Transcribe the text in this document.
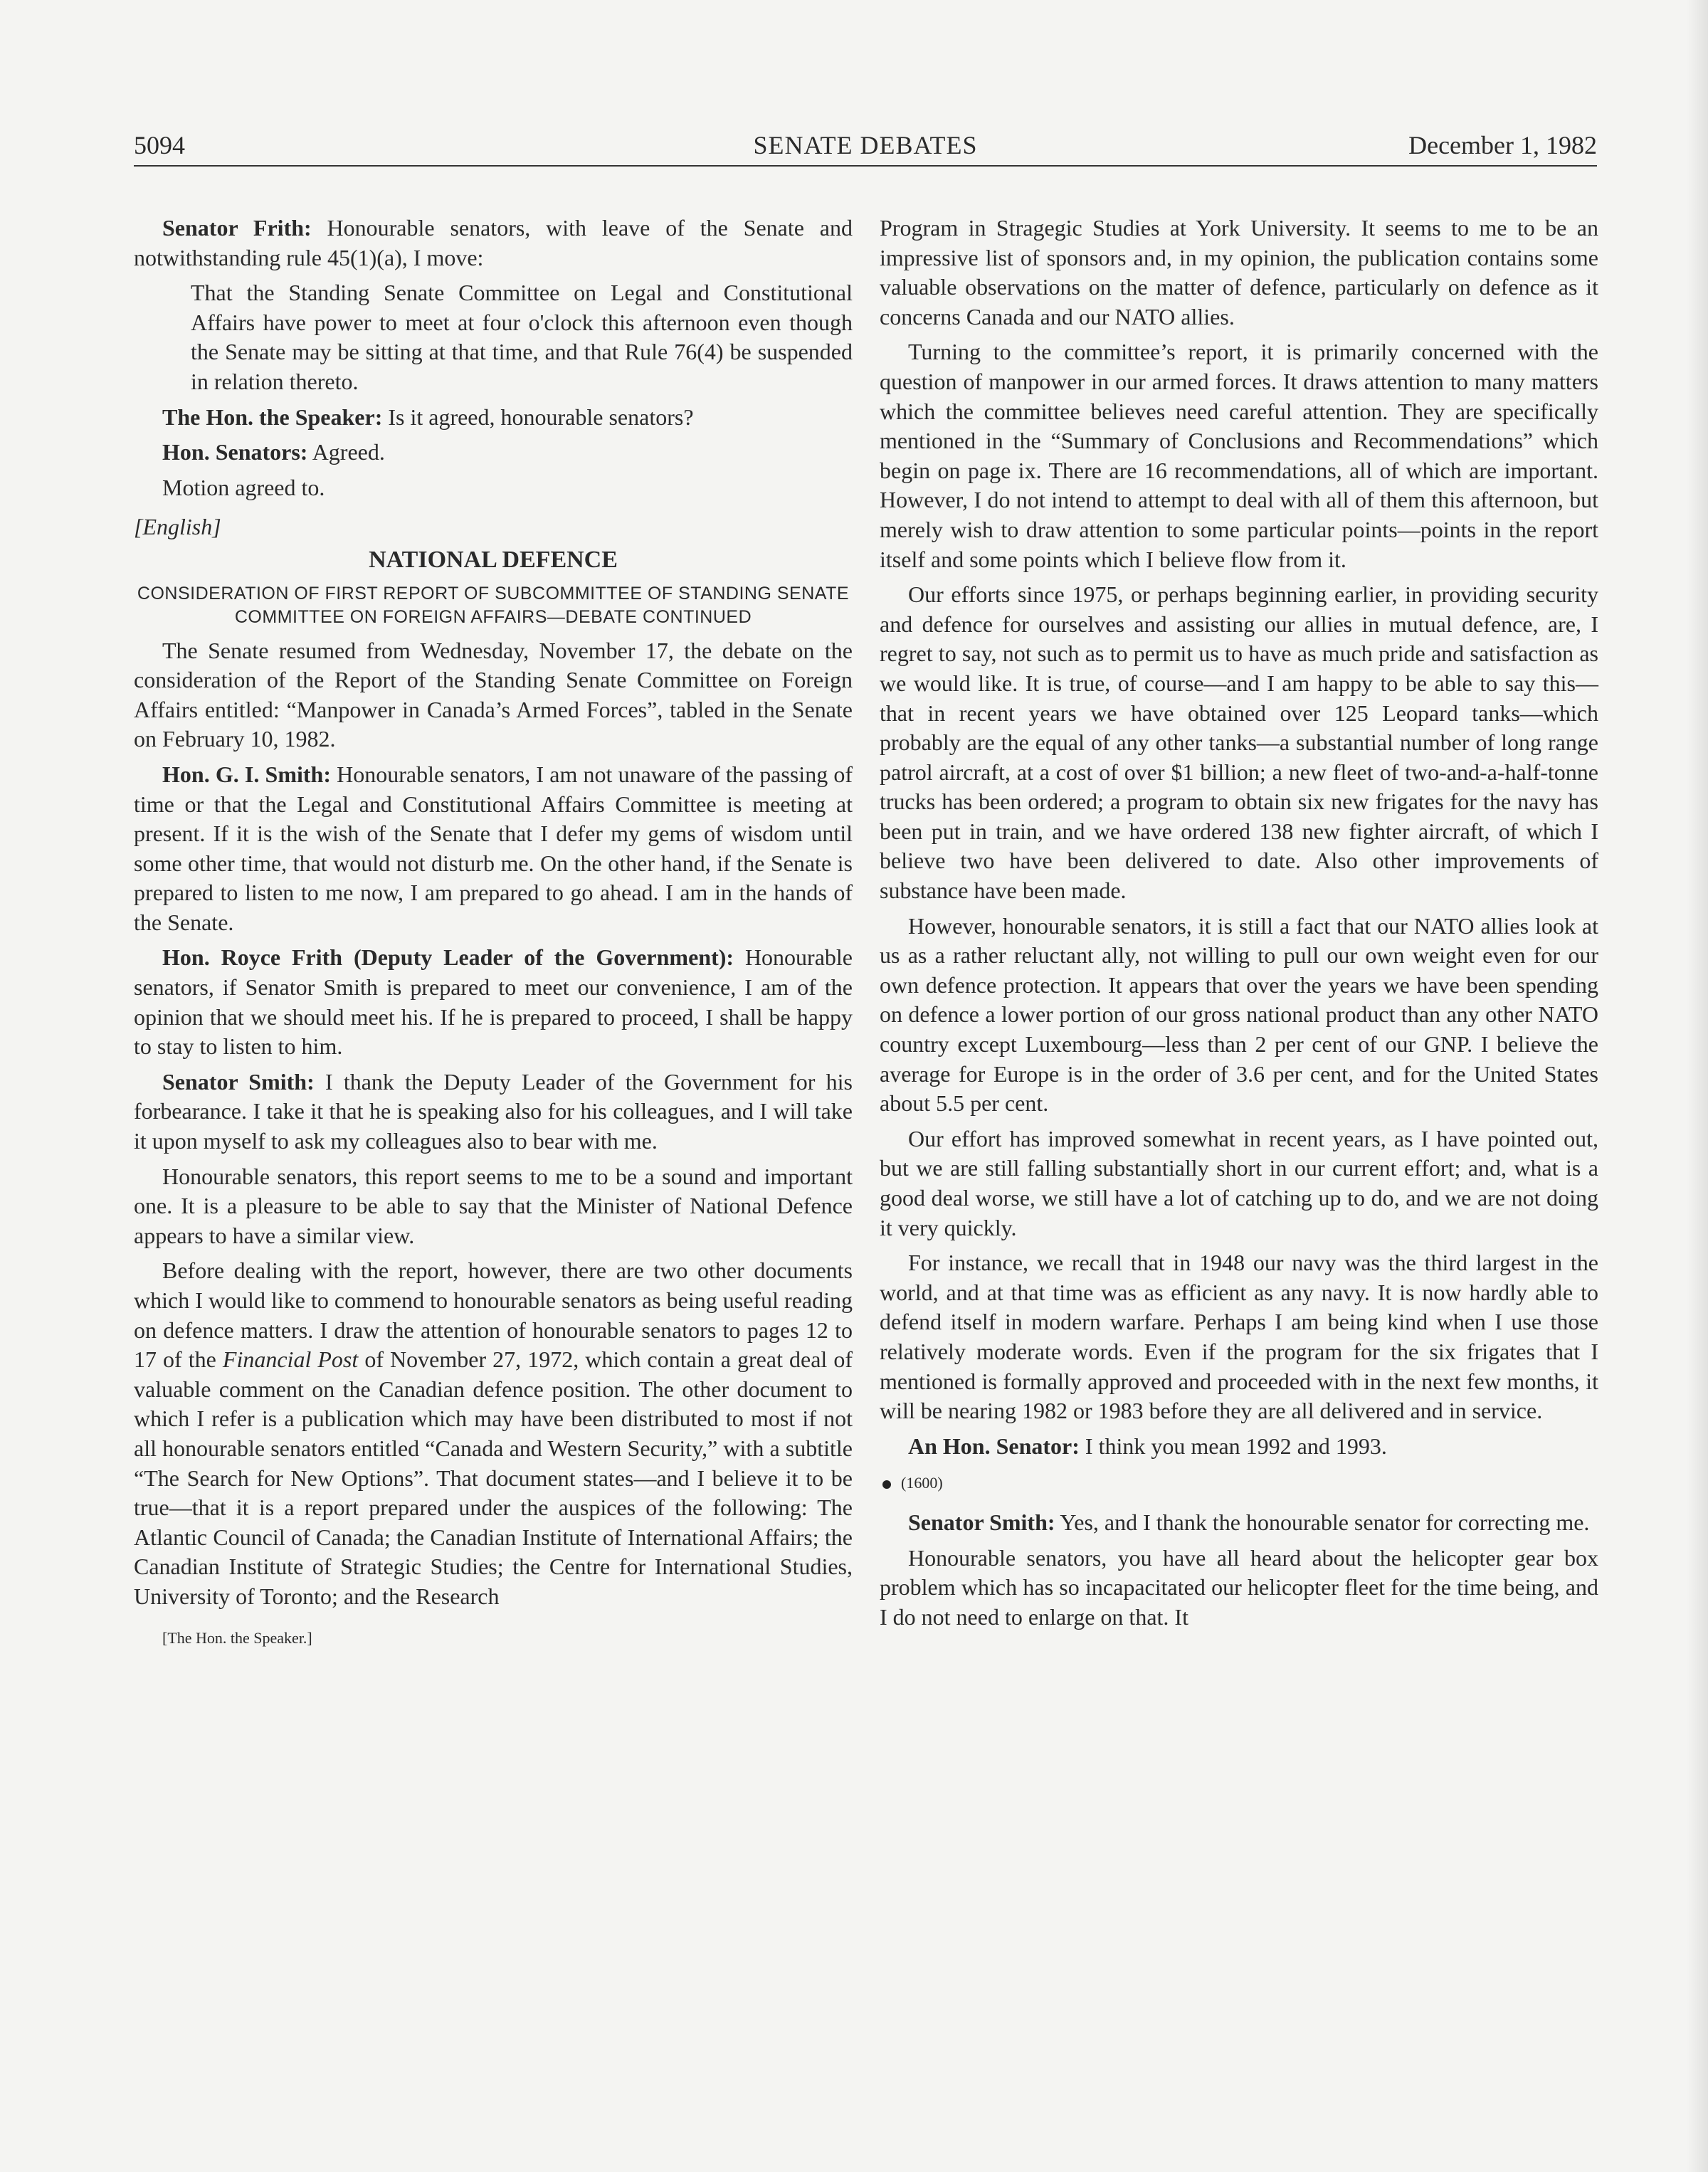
5094	SENATE DEBATES	December 1, 1982

Senator Frith: Honourable senators, with leave of the Senate and notwithstanding rule 45(1)(a), I move:

That the Standing Senate Committee on Legal and Constitutional Affairs have power to meet at four o'clock this afternoon even though the Senate may be sitting at that time, and that Rule 76(4) be suspended in relation thereto.

The Hon. the Speaker: Is it agreed, honourable senators?

Hon. Senators: Agreed.

Motion agreed to.

[English]

NATIONAL DEFENCE
CONSIDERATION OF FIRST REPORT OF SUBCOMMITTEE OF STANDING SENATE COMMITTEE ON FOREIGN AFFAIRS—DEBATE CONTINUED

The Senate resumed from Wednesday, November 17, the debate on the consideration of the Report of the Standing Senate Committee on Foreign Affairs entitled: “Manpower in Canada’s Armed Forces”, tabled in the Senate on February 10, 1982.

Hon. G. I. Smith: Honourable senators, I am not unaware of the passing of time or that the Legal and Constitutional Affairs Committee is meeting at present. If it is the wish of the Senate that I defer my gems of wisdom until some other time, that would not disturb me. On the other hand, if the Senate is prepared to listen to me now, I am prepared to go ahead. I am in the hands of the Senate.

Hon. Royce Frith (Deputy Leader of the Government): Honourable senators, if Senator Smith is prepared to meet our convenience, I am of the opinion that we should meet his. If he is prepared to proceed, I shall be happy to stay to listen to him.

Senator Smith: I thank the Deputy Leader of the Government for his forbearance. I take it that he is speaking also for his colleagues, and I will take it upon myself to ask my colleagues also to bear with me.

Honourable senators, this report seems to me to be a sound and important one. It is a pleasure to be able to say that the Minister of National Defence appears to have a similar view.

Before dealing with the report, however, there are two other documents which I would like to commend to honourable senators as being useful reading on defence matters. I draw the attention of honourable senators to pages 12 to 17 of the Financial Post of November 27, 1972, which contain a great deal of valuable comment on the Canadian defence position. The other document to which I refer is a publication which may have been distributed to most if not all honourable senators entitled “Canada and Western Security,” with a subtitle “The Search for New Options”. That document states—and I believe it to be true—that it is a report prepared under the auspices of the following: The Atlantic Council of Canada; the Canadian Institute of International Affairs; the Canadian Institute of Strategic Studies; the Centre for International Studies, University of Toronto; and the Research

[The Hon. the Speaker.]

Program in Stragegic Studies at York University. It seems to me to be an impressive list of sponsors and, in my opinion, the publication contains some valuable observations on the matter of defence, particularly on defence as it concerns Canada and our NATO allies.

Turning to the committee’s report, it is primarily concerned with the question of manpower in our armed forces. It draws attention to many matters which the committee believes need careful attention. They are specifically mentioned in the “Summary of Conclusions and Recommendations” which begin on page ix. There are 16 recommendations, all of which are important. However, I do not intend to attempt to deal with all of them this afternoon, but merely wish to draw attention to some particular points—points in the report itself and some points which I believe flow from it.

Our efforts since 1975, or perhaps beginning earlier, in providing security and defence for ourselves and assisting our allies in mutual defence, are, I regret to say, not such as to permit us to have as much pride and satisfaction as we would like. It is true, of course—and I am happy to be able to say this—that in recent years we have obtained over 125 Leopard tanks—which probably are the equal of any other tanks—a substantial number of long range patrol aircraft, at a cost of over $1 billion; a new fleet of two-and-a-half-tonne trucks has been ordered; a program to obtain six new frigates for the navy has been put in train, and we have ordered 138 new fighter aircraft, of which I believe two have been delivered to date. Also other improvements of substance have been made.

However, honourable senators, it is still a fact that our NATO allies look at us as a rather reluctant ally, not willing to pull our own weight even for our own defence protection. It appears that over the years we have been spending on defence a lower portion of our gross national product than any other NATO country except Luxembourg—less than 2 per cent of our GNP. I believe the average for Europe is in the order of 3.6 per cent, and for the United States about 5.5 per cent.

Our effort has improved somewhat in recent years, as I have pointed out, but we are still falling substantially short in our current effort; and, what is a good deal worse, we still have a lot of catching up to do, and we are not doing it very quickly.

For instance, we recall that in 1948 our navy was the third largest in the world, and at that time was as efficient as any navy. It is now hardly able to defend itself in modern warfare. Perhaps I am being kind when I use those relatively moderate words. Even if the program for the six frigates that I mentioned is formally approved and proceeded with in the next few months, it will be nearing 1982 or 1983 before they are all delivered and in service.

An Hon. Senator: I think you mean 1992 and 1993.

(1600)

Senator Smith: Yes, and I thank the honourable senator for correcting me.

Honourable senators, you have all heard about the helicopter gear box problem which has so incapacitated our helicopter fleet for the time being, and I do not need to enlarge on that. It
